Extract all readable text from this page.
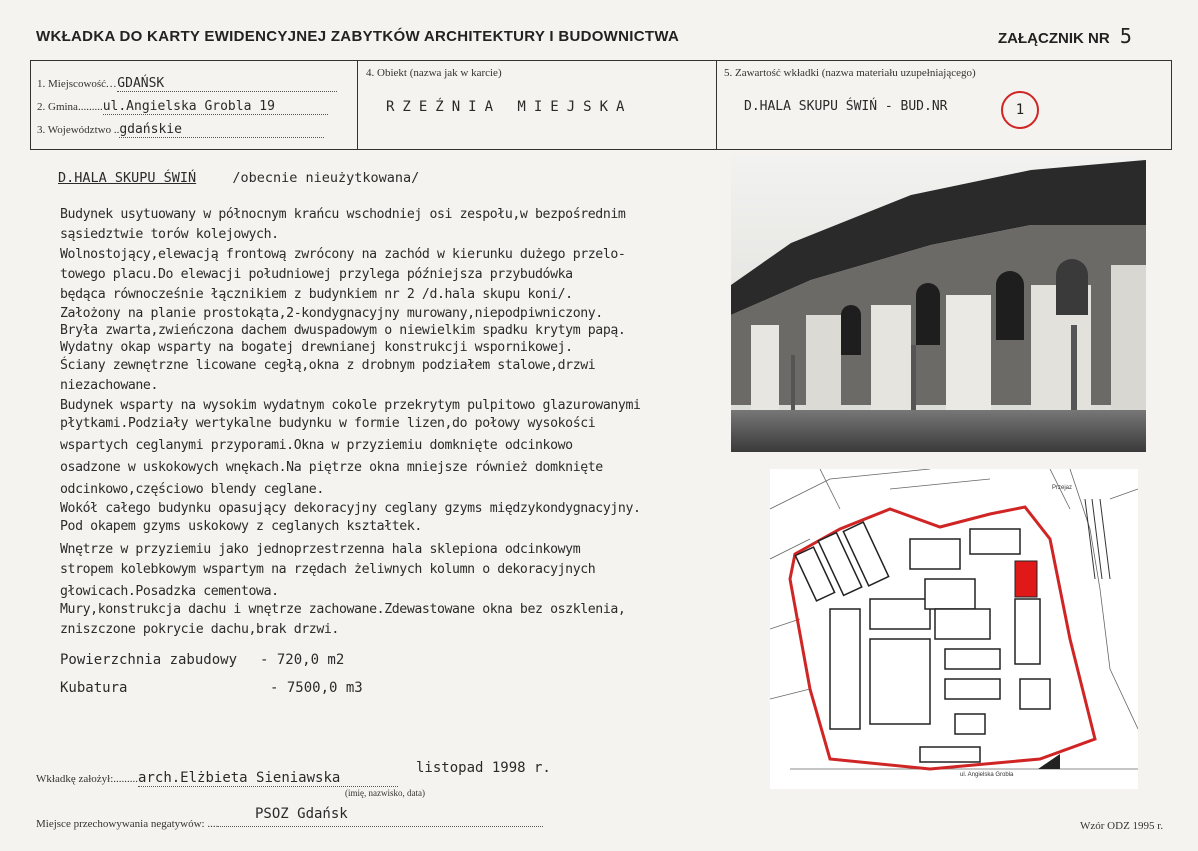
WKŁADKA DO KARTY EWIDENCYJNEJ ZABYTKÓW ARCHITEKTURY I BUDOWNICTWA	ZAŁĄCZNIK NR 5
1. Miejscowość...GDAŃSK
2. Gmina.........ul.Angielska Grobla 19
3. Województwo ..gdańskie
4. Obiekt (nazwa jak w karcie)
RZEŹNIA MIEJSKA
5. Zawartość wkładki (nazwa materiału uzupełniającego)
D.HALA SKUPU ŚWIŃ - BUD.NR	1
D.HALA SKUPU ŚWIŃ	/obecnie nieużytkowana/
Budynek usytuowany w północnym krańcu wschodniej osi zespołu,w bezpośrednim
sąsiedztwie torów kolejowych.
Wolnostojący,elewacją frontową zwrócony na zachód w kierunku dużego przelo-
towego placu.Do elewacji południowej przylega późniejsza przybudówka
będąca równocześnie łącznikiem z budynkiem nr 2 /d.hala skupu koni/.
Założony na planie prostokąta,2-kondygnacyjny murowany,niepodpiwniczony.
Bryła zwarta,zwieńczona dachem dwuspadowym o niewielkim spadku krytym papą.
Wydatny okap wsparty na bogatej drewnianej konstrukcji wspornikowej.
Ściany zewnętrzne licowane cegłą,okna z drobnym podziałem stalowe,drzwi
niezachowane.
Budynek wsparty na wysokim wydatnym cokole przekrytym pulpitowo glazurowanymi
płytkami.Podziały wertykalne budynku w formie lizen,do połowy wysokości
wspartych ceglanymi przyporami.Okna w przyziemiu domknięte odcinkowo
osadzone w uskokowych wnękach.Na piętrze okna mniejsze również domknięte
odcinkowo,częściowo blendy ceglane.
Wokół całego budynku opasujący dekoracyjny ceglany gzyms międzykondygnacyjny.
Pod okapem gzyms uskokowy z ceglanych kształtek.
Wnętrze w przyziemiu jako jednoprzestrzenna hala sklepiona odcinkowym
stropem kolebkowym wspartym na rzędach żeliwnych kolumn o dekoracyjnych
głowicach.Posadzka cementowa.
Mury,konstrukcja dachu i wnętrze zachowane.Zdewastowane okna bez oszklenia,
zniszczone pokrycie dachu,brak drzwi.
Powierzchnia zabudowy - 720,0 m2
Kubatura	- 7500,0 m3
ul. Angielska Grobla
Przejaz
Wkładkę założył:.........arch.Elżbieta Sieniawska
listopad 1998 r.
(imię, nazwisko, data)
Miejsce przechowywania negatywów: ....
PSOZ Gdańsk
Wzór ODZ 1995 r.
